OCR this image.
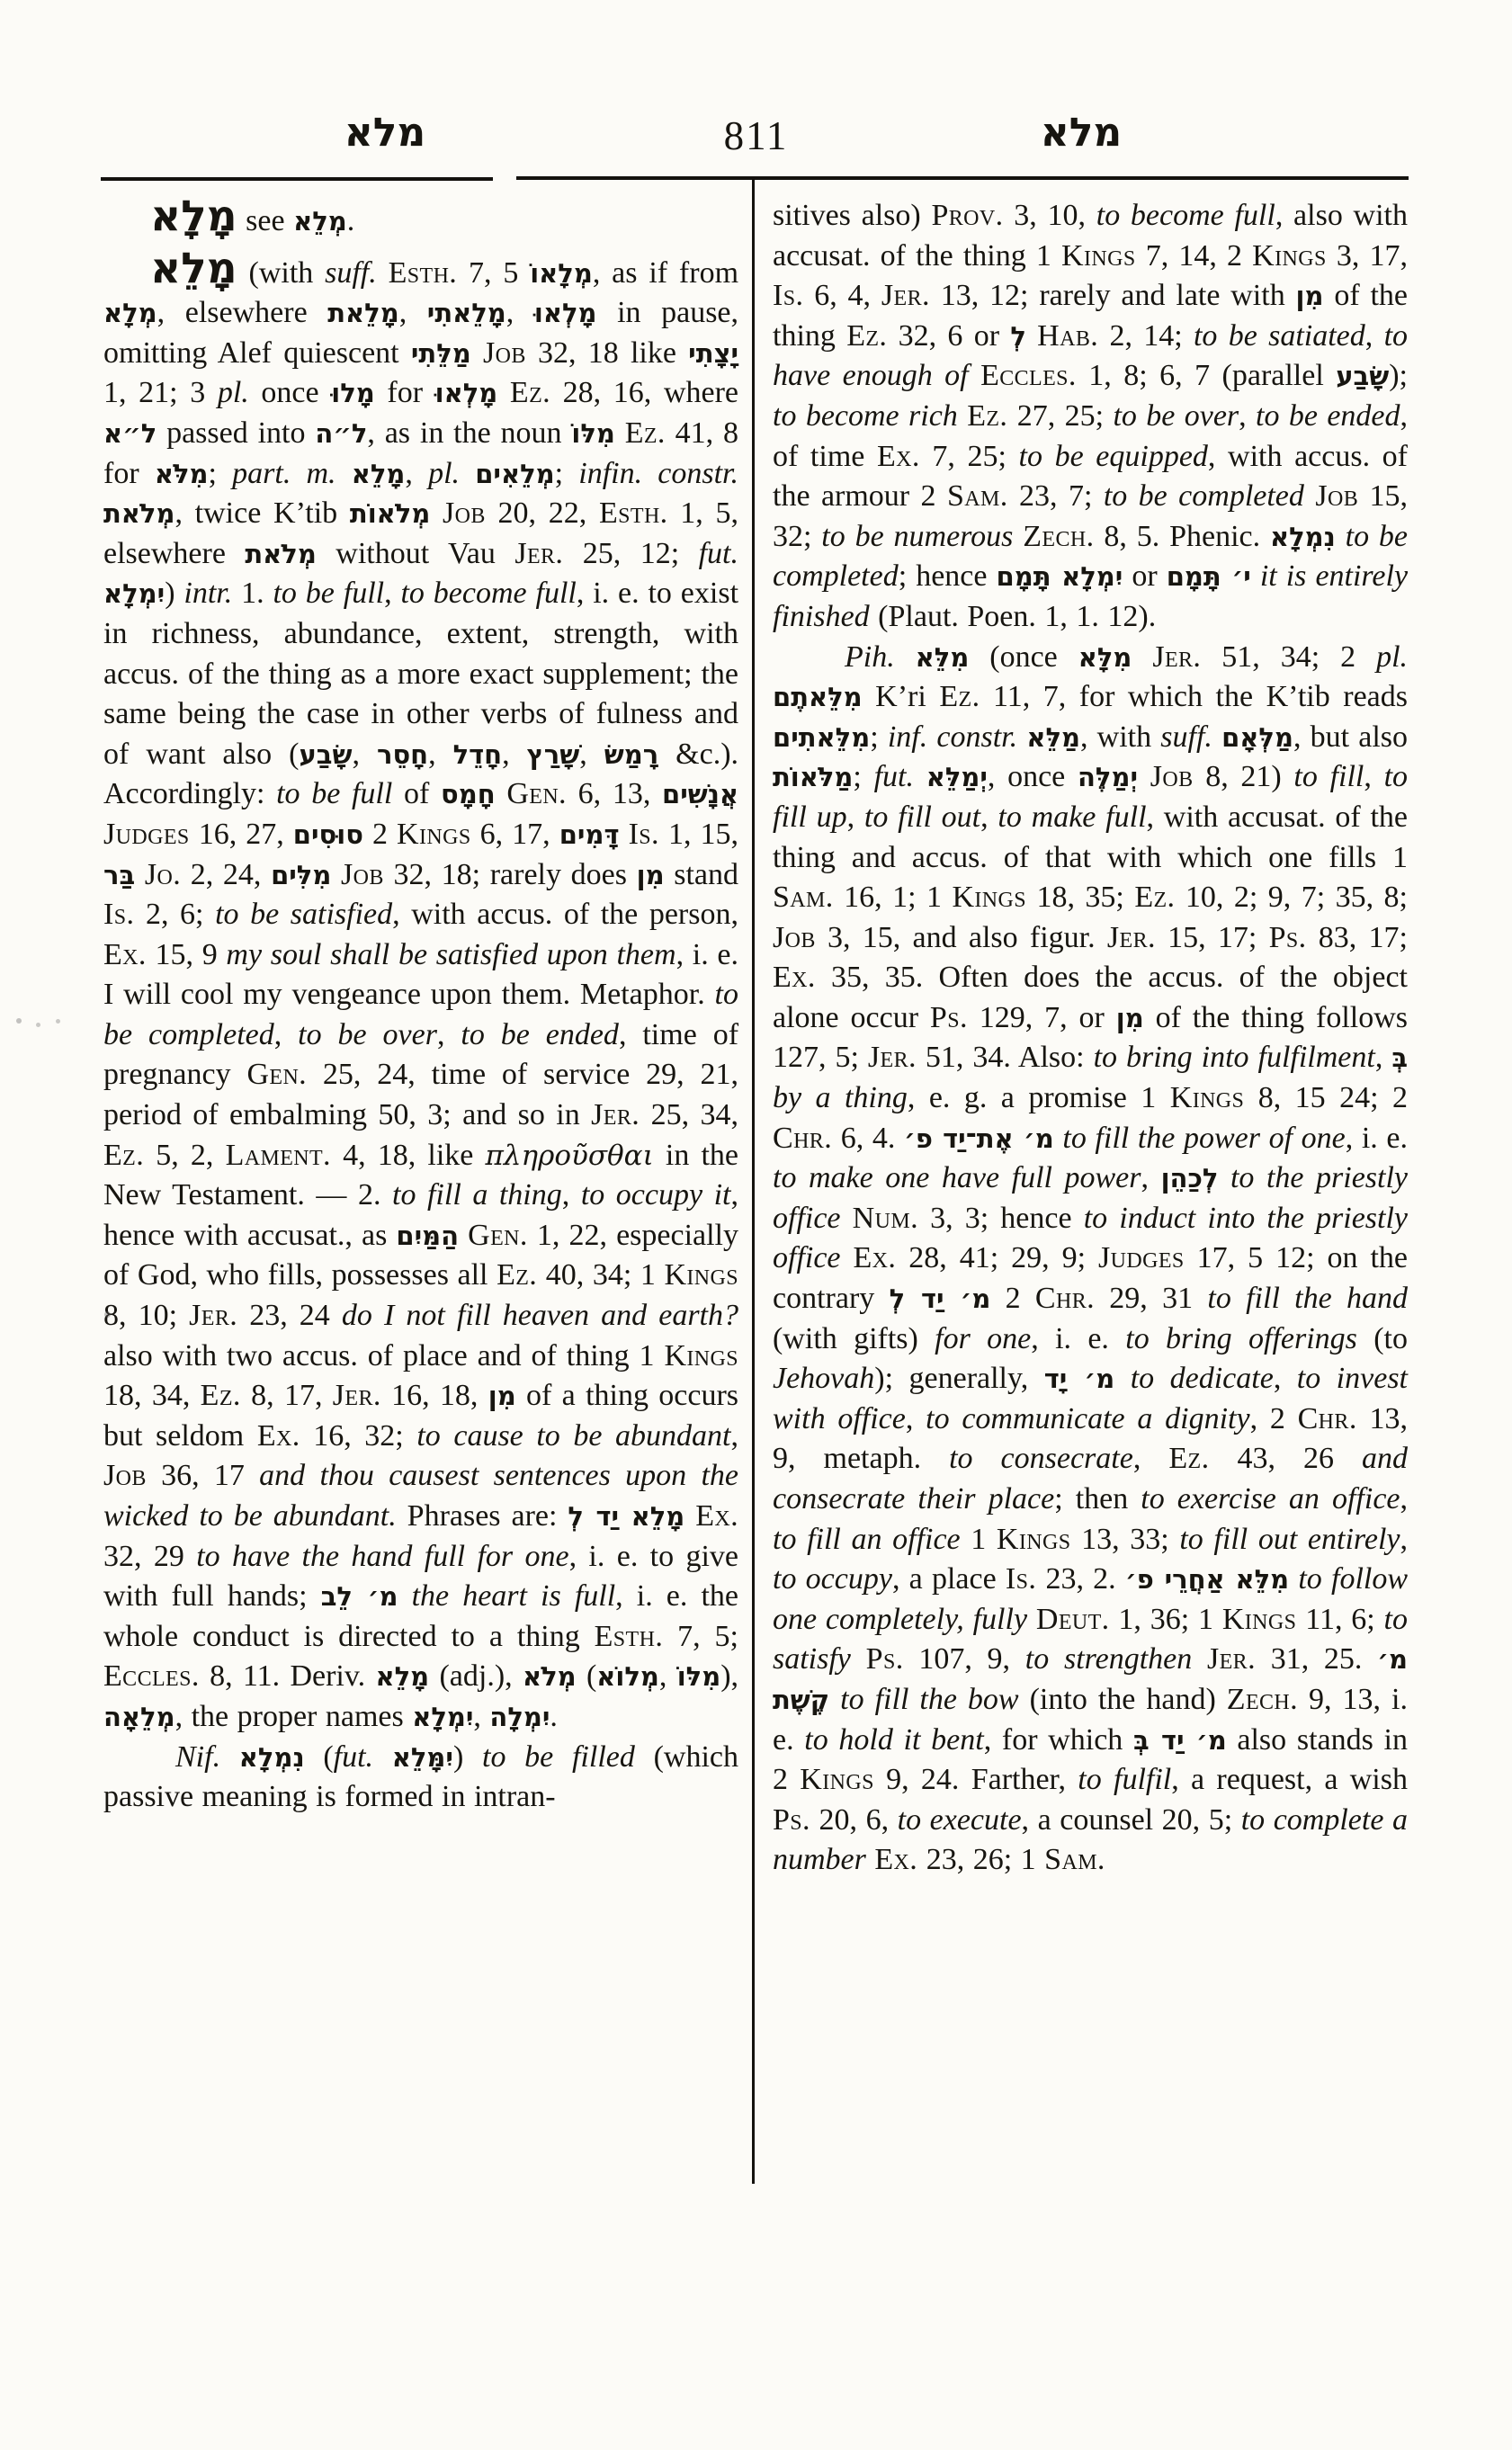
מלא	811	מלא

מָלָא see מְלֵא.

מָלֵא (with suff. Esth. 7, 5 מְלָאוֹ, as if from מְלָא, elsewhere מָלֵאת, מָלֵאתִי, מָלְאוּ in pause, omitting Alef quiescent מַלֵּתִי Job 32, 18 like יָצָתִי 1, 21; 3 pl. once מָלוּ for מָלְאוּ Ez. 28, 16, where ל״א passed into ל״ה, as in the noun מִלּוֹ Ez. 41, 8 for מִלֹּא; part. m. מָלֵא, pl. מְלֵאִים; infin. constr. מְלֹאת, twice K’tib מְלֹאוֹת Job 20, 22, Esth. 1, 5, elsewhere מְלֹאת without Vau Jer. 25, 12; fut. יִמְלָא) intr. 1. to be full, to become full, i. e. to exist in richness, abundance, extent, strength, with accus. of the thing as a more exact supplement; the same being the case in other verbs of fulness and of want also (שָׂבַע, חָסֵר, חָדֵל, שָׁרַץ, רָמַשׂ &c.). Accordingly: to be full of חָמָס Gen. 6, 13, אֲנָשִׁים Judges 16, 27, סוּסִים 2 Kings 6, 17, דָּמִים Is. 1, 15, בַּר Jo. 2, 24, מִלִּים Job 32, 18; rarely does מִן stand Is. 2, 6; to be satisfied, with accus. of the person, Ex. 15, 9 my soul shall be satisfied upon them, i. e. I will cool my vengeance upon them. Metaphor. to be completed, to be over, to be ended, time of pregnancy Gen. 25, 24, time of service 29, 21, period of embalming 50, 3; and so in Jer. 25, 34, Ez. 5, 2, Lament. 4, 18, like πληροῦσθαι in the New Testament. — 2. to fill a thing, to occupy it, hence with accusat., as הַמַּיִם Gen. 1, 22, especially of God, who fills, possesses all Ez. 40, 34; 1 Kings 8, 10; Jer. 23, 24 do I not fill heaven and earth? also with two accus. of place and of thing 1 Kings 18, 34, Ez. 8, 17, Jer. 16, 18, מִן of a thing occurs but seldom Ex. 16, 32; to cause to be abundant, Job 36, 17 and thou causest sentences upon the wicked to be abundant. Phrases are: מָלֵא יַד לְ Ex. 32, 29 to have the hand full for one, i. e. to give with full hands; מ׳ לֵב the heart is full, i. e. the whole conduct is directed to a thing Esth. 7, 5; Eccles. 8, 11. Deriv. מָלֵא (adj.), מְלֹא (מְלוֹא, מִלּוֹ), מְלֵאָה, the proper names יִמְלָא, יִמְלָה.

Nif. נִמְלָא (fut. יִמָּלֵא) to be filled (which passive meaning is formed in intran-

sitives also) Prov. 3, 10, to become full, also with accusat. of the thing 1 Kings 7, 14, 2 Kings 3, 17, Is. 6, 4, Jer. 13, 12; rarely and late with מִן of the thing Ez. 32, 6 or לְ Hab. 2, 14; to be satiated, to have enough of Eccles. 1, 8; 6, 7 (parallel שָׂבַע); to become rich Ez. 27, 25; to be over, to be ended, of time Ex. 7, 25; to be equipped, with accus. of the armour 2 Sam. 23, 7; to be completed Job 15, 32; to be numerous Zech. 8, 5. Phenic. נִמְלָא to be completed; hence יִמְלָא תָּמָם or י׳ תָּמָם it is entirely finished (Plaut. Poen. 1, 1. 12).

Pih. מִלֵּא (once מִלָּא Jer. 51, 34; 2 pl. מִלֵּאתֶם K’ri Ez. 11, 7, for which the K’tib reads מִלֵּאתִים; inf. constr. מַלֵּא, with suff. מַלְּאָם, but also מַלֹּאוֹת; fut. יְמַלֵּא, once יְמַלֶּה Job 8, 21) to fill, to fill up, to fill out, to make full, with accusat. of the thing and accus. of that with which one fills 1 Sam. 16, 1; 1 Kings 18, 35; Ez. 10, 2; 9, 7; 35, 8; Job 3, 15, and also figur. Jer. 15, 17; Ps. 83, 17; Ex. 35, 35. Often does the accus. of the object alone occur Ps. 129, 7, or מִן of the thing follows 127, 5; Jer. 51, 34. Also: to bring into fulfilment, בְּ by a thing, e. g. a promise 1 Kings 8, 15 24; 2 Chr. 6, 4. מ׳ אֶת־יַד פ׳ to fill the power of one, i. e. to make one have full power, לְכַהֵן to the priestly office Num. 3, 3; hence to induct into the priestly office Ex. 28, 41; 29, 9; Judges 17, 5 12; on the contrary מ׳ יַד לְ 2 Chr. 29, 31 to fill the hand (with gifts) for one, i. e. to bring offerings (to Jehovah); generally, מ׳ יָד to dedicate, to invest with office, to communicate a dignity, 2 Chr. 13, 9, metaph. to consecrate, Ez. 43, 26 and consecrate their place; then to exercise an office, to fill an office 1 Kings 13, 33; to fill out entirely, to occupy, a place Is. 23, 2. מִלֵּא אַחֲרֵי פ׳ to follow one completely, fully Deut. 1, 36; 1 Kings 11, 6; to satisfy Ps. 107, 9, to strengthen Jer. 31, 25. מ׳ קֶשֶׁת to fill the bow (into the hand) Zech. 9, 13, i. e. to hold it bent, for which מ׳ יַד בְּ also stands in 2 Kings 9, 24. Farther, to fulfil, a request, a wish Ps. 20, 6, to execute, a counsel 20, 5; to complete a number Ex. 23, 26; 1 Sam.
